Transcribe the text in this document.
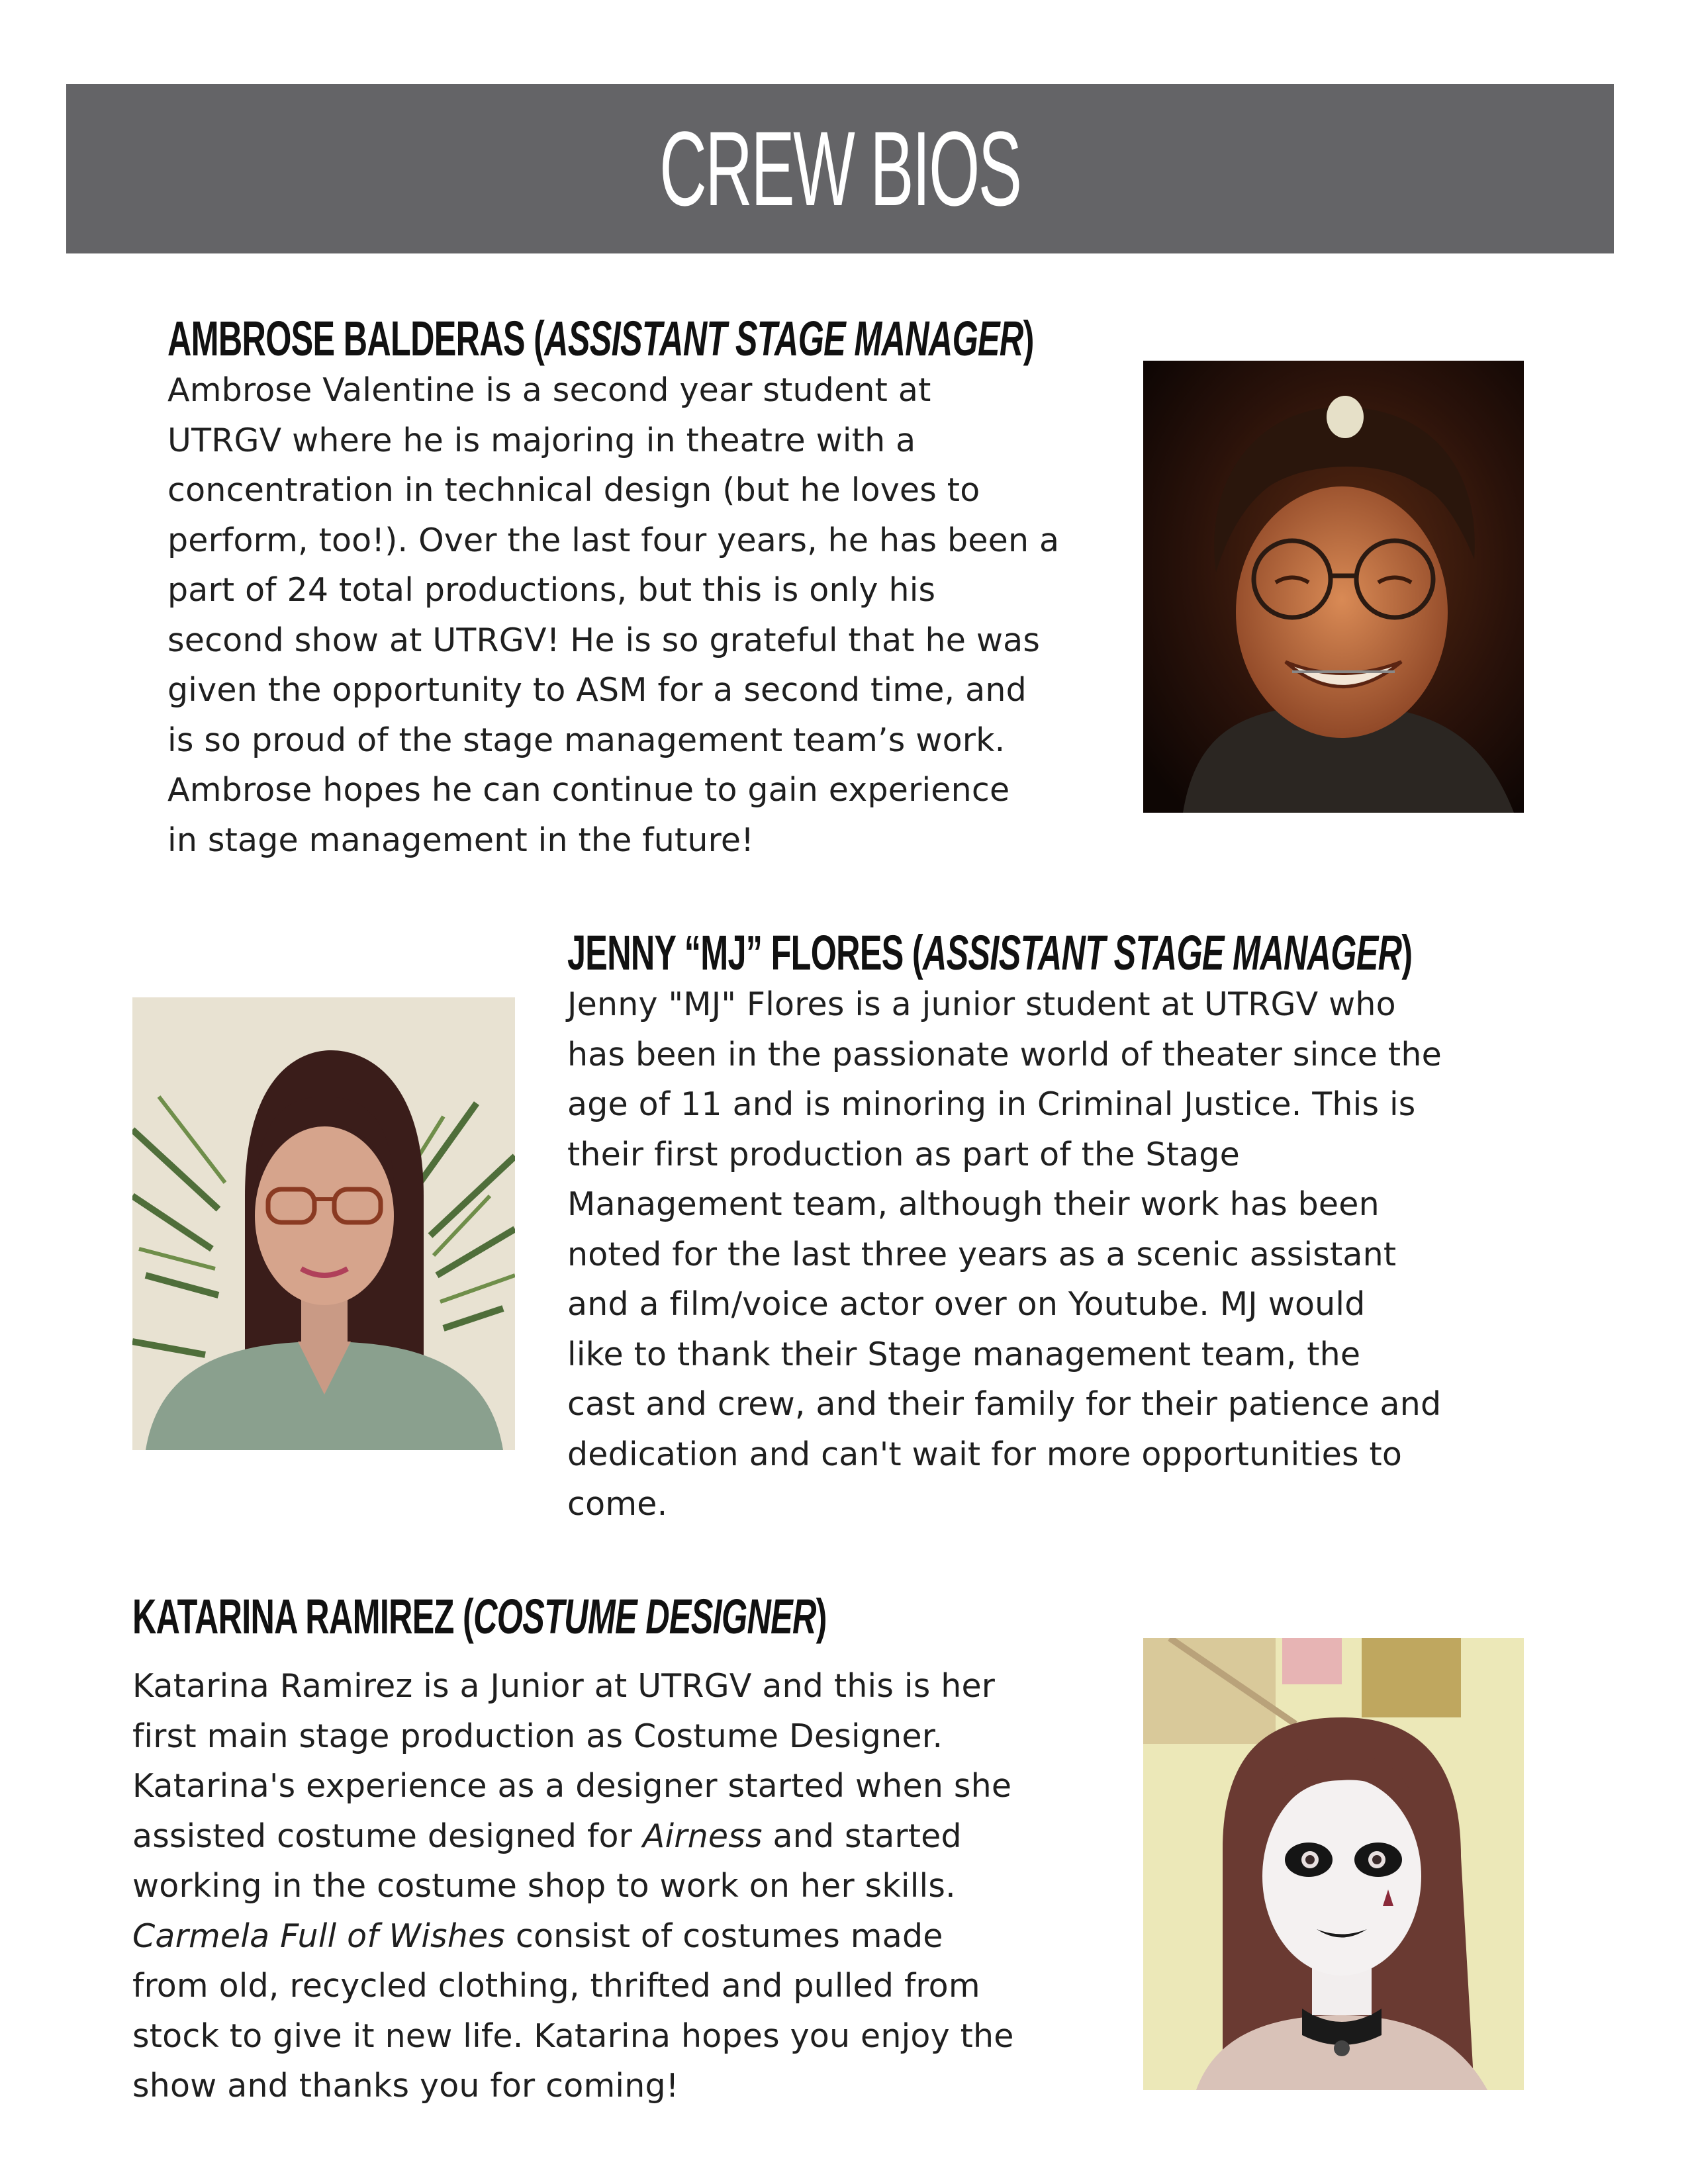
CREW BIOS
AMBROSE BALDERAS (ASSISTANT STAGE MANAGER)

Ambrose Valentine is a second year student at
UTRGV where he is majoring in theatre with a
concentration in technical design (but he loves to
perform, too!). Over the last four years, he has been a
part of 24 total productions, but this is only his
second show at UTRGV! He is so grateful that he was
given the opportunity to ASM for a second time, and
is so proud of the stage management team’s work.
Ambrose hopes he can continue to gain experience
in stage management in the future!

JENNY “MJ” FLORES (ASSISTANT STAGE MANAGER)

Jenny "MJ" Flores is a junior student at UTRGV who
has been in the passionate world of theater since the
age of 11 and is minoring in Criminal Justice. This is
their first production as part of the Stage
Management team, although their work has been
noted for the last three years as a scenic assistant
and a film/voice actor over on Youtube. MJ would
like to thank their Stage management team, the
cast and crew, and their family for their patience and
dedication and can't wait for more opportunities to
come.

KATARINA RAMIREZ (COSTUME DESIGNER)

Katarina Ramirez is a Junior at UTRGV and this is her
first main stage production as Costume Designer.
Katarina's experience as a designer started when she
assisted costume designed for Airness and started
working in the costume shop to work on her skills.
Carmela Full of Wishes consist of costumes made
from old, recycled clothing, thrifted and pulled from
stock to give it new life. Katarina hopes you enjoy the
show and thanks you for coming!
